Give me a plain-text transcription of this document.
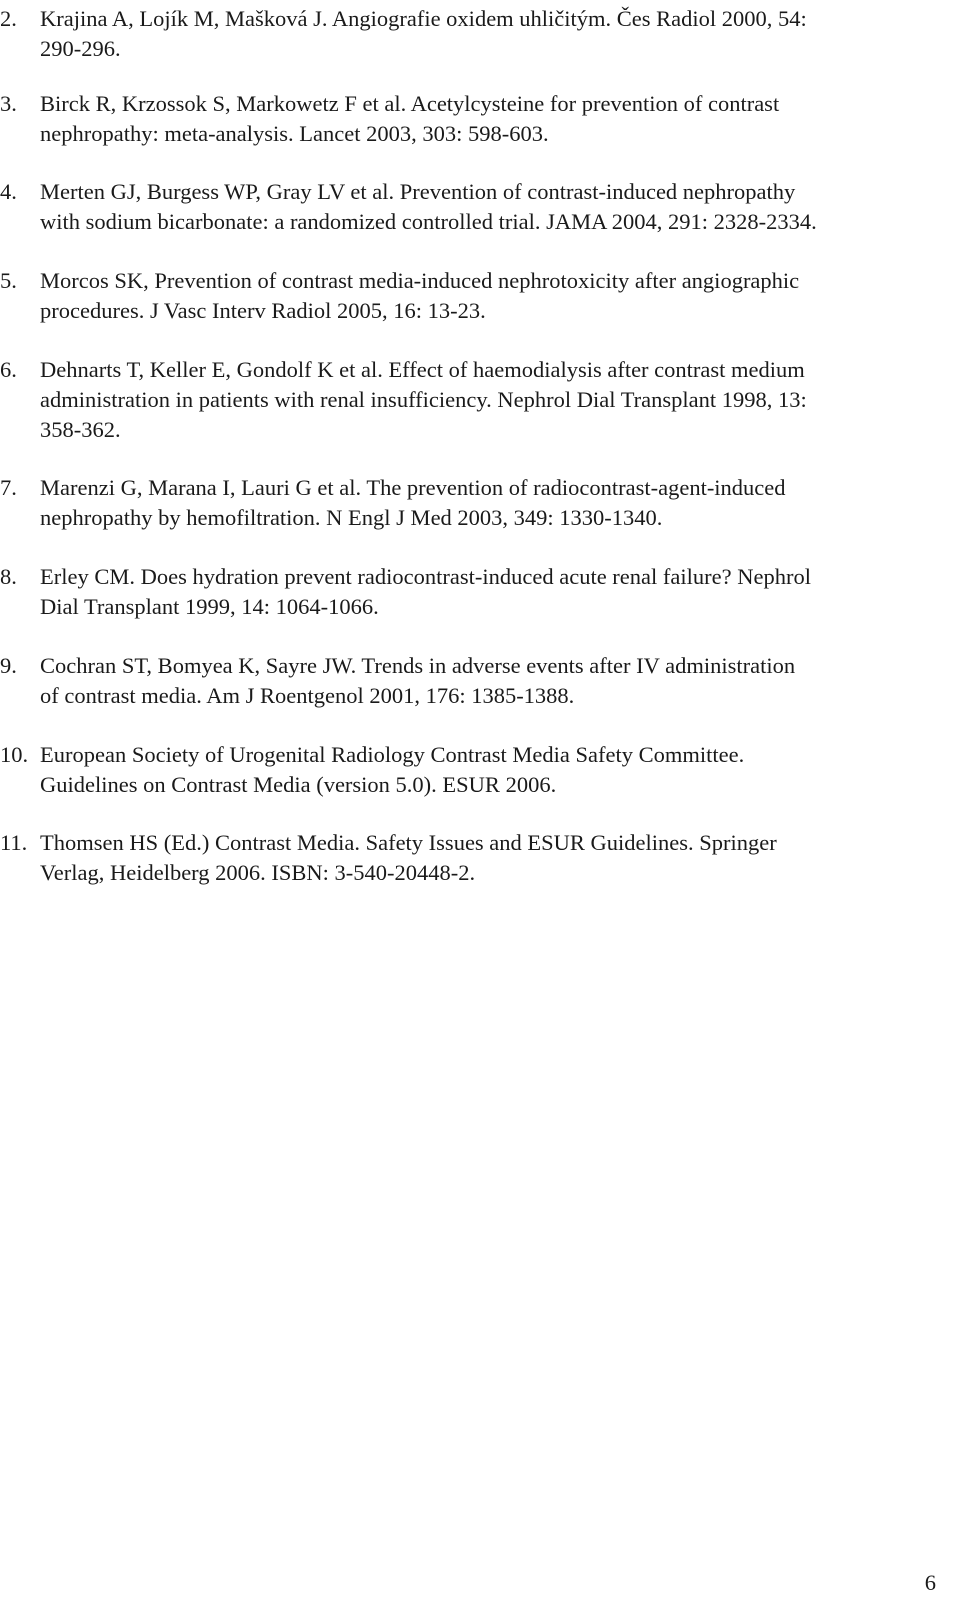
2.	Krajina A, Lojík M, Mašková J. Angiografie oxidem uhličitým. Čes Radiol 2000, 54:
290-296.
3.	Birck R, Krzossok S, Markowetz F et al. Acetylcysteine for prevention of contrast
nephropathy: meta-analysis. Lancet 2003, 303: 598-603.
4.	Merten GJ, Burgess WP, Gray LV et al. Prevention of contrast-induced nephropathy
with sodium bicarbonate: a randomized controlled trial. JAMA 2004, 291: 2328-2334.
5.	Morcos SK, Prevention of contrast media-induced nephrotoxicity after angiographic
procedures. J Vasc Interv Radiol 2005, 16: 13-23.
6.	Dehnarts T, Keller E, Gondolf K et al. Effect of haemodialysis after contrast medium
administration in patients with renal insufficiency. Nephrol Dial Transplant 1998, 13:
358-362.
7.	Marenzi G, Marana I, Lauri G et al. The prevention of radiocontrast-agent-induced
nephropathy by hemofiltration. N Engl J Med 2003, 349: 1330-1340.
8.	Erley CM. Does hydration prevent radiocontrast-induced acute renal failure? Nephrol
Dial Transplant 1999, 14: 1064-1066.
9.	Cochran ST, Bomyea K, Sayre JW. Trends in adverse events after IV administration
of contrast media. Am J Roentgenol 2001, 176: 1385-1388.
10. European Society of Urogenital Radiology Contrast Media Safety Committee.
Guidelines on Contrast Media (version 5.0). ESUR 2006.
11. Thomsen HS (Ed.) Contrast Media. Safety Issues and ESUR Guidelines. Springer
Verlag, Heidelberg 2006. ISBN: 3-540-20448-2.
6
